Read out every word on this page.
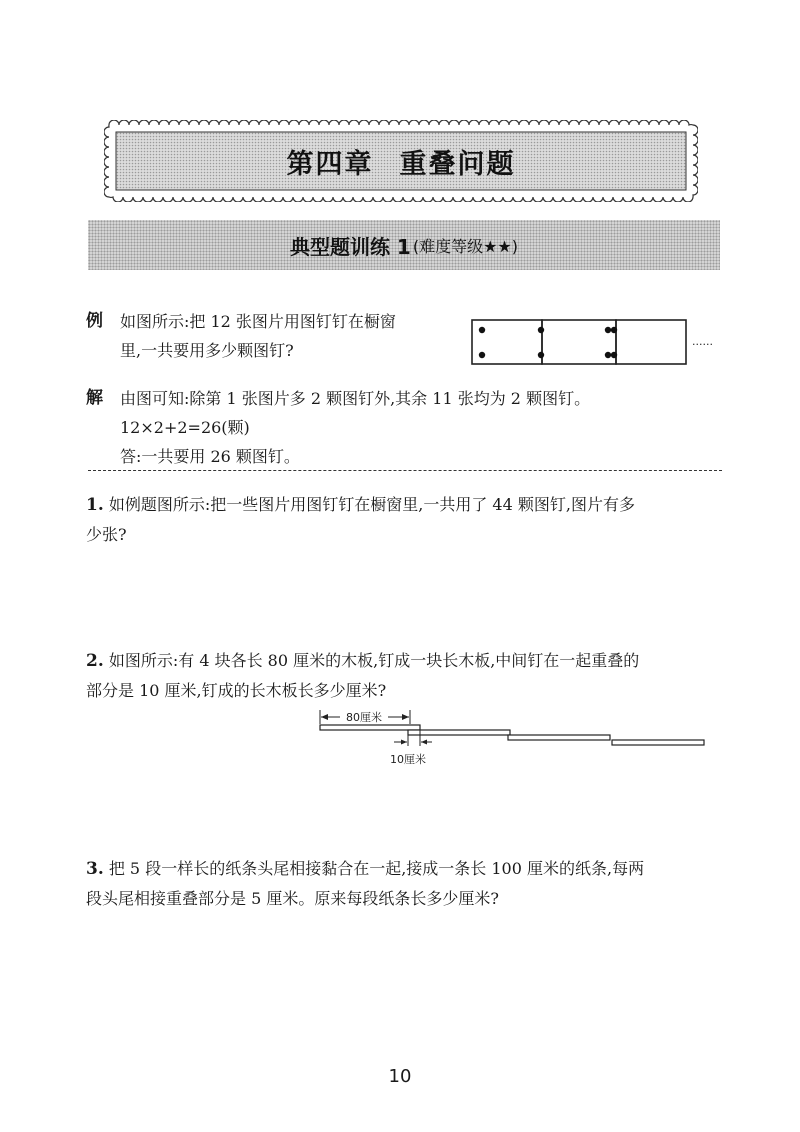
第四章 重叠问题
典型题训练 1 (难度等级★★)
例 如图所示:把 12 张图片用图钉钉在橱窗
里,一共要用多少颗图钉?	······
解 由图可知:除第 1 张图片多 2 颗图钉外,其余 11 张均为 2 颗图钉。
12×2+2=26(颗)
答:一共要用 26 颗图钉。
1. 如例题图所示:把一些图片用图钉钉在橱窗里,一共用了 44 颗图钉,图片有多
少张?
2. 如图所示:有 4 块各长 80 厘米的木板,钉成一块长木板,中间钉在一起重叠的
部分是 10 厘米,钉成的长木板长多少厘米?
80厘米
10厘米
3. 把 5 段一样长的纸条头尾相接黏合在一起,接成一条长 100 厘米的纸条,每两
段头尾相接重叠部分是 5 厘米。原来每段纸条长多少厘米?
10
